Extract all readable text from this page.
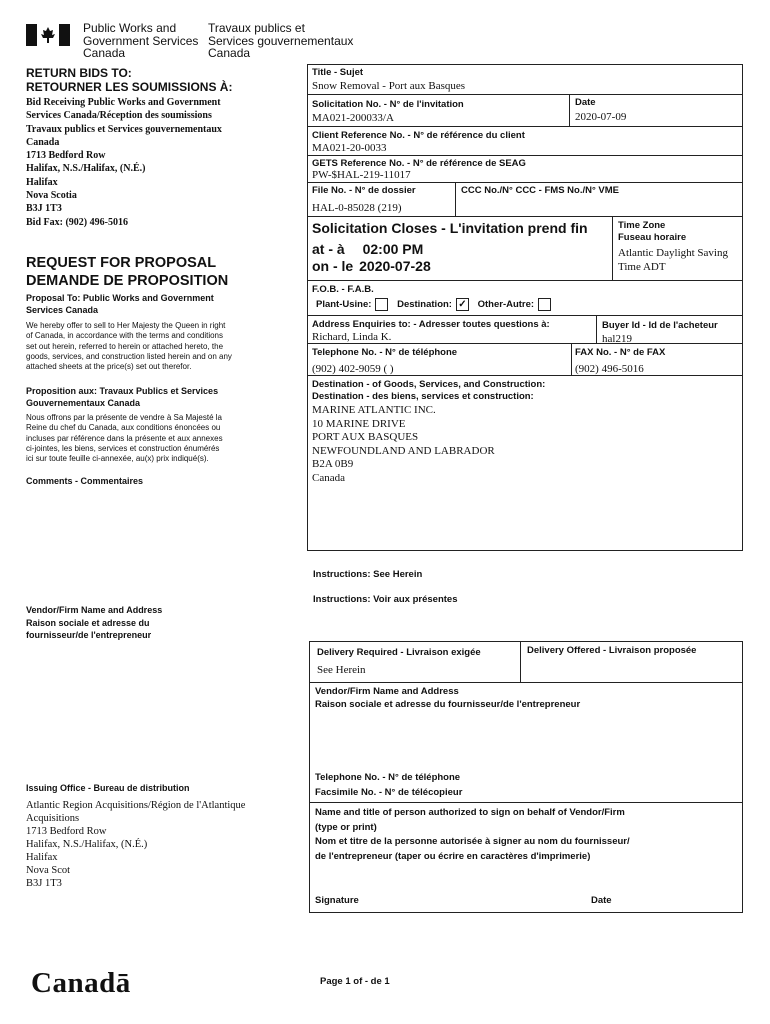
Public Works and
Government Services
Canada
Travaux publics et
Services gouvernementaux
Canada
RETURN BIDS TO:
RETOURNER LES SOUMISSIONS À:
Bid Receiving Public Works and Government
Services Canada/Réception des soumissions
Travaux publics et Services gouvernementaux
Canada
1713 Bedford Row
Halifax, N.S./Halifax, (N.É.)
Halifax
Nova Scotia
B3J 1T3
Bid Fax: (902) 496-5016
REQUEST FOR PROPOSAL
DEMANDE DE PROPOSITION
Proposal To: Public Works and Government
Services Canada
We hereby offer to sell to Her Majesty the Queen in right
of Canada, in accordance with the terms and conditions
set out herein, referred to herein or attached hereto, the
goods, services, and construction listed herein and on any
attached sheets at the price(s) set out therefor.
Proposition aux: Travaux Publics et Services
Gouvernementaux Canada
Nous offrons par la présente de vendre à Sa Majesté la
Reine du chef du Canada, aux conditions énoncées ou
incluses par référence dans la présente et aux annexes
ci-jointes, les biens, services et construction énumérés
ici sur toute feuille ci-annexée, au(x) prix indiqué(s).
Comments - Commentaires
Vendor/Firm Name and Address
Raison sociale et adresse du
fournisseur/de l'entrepreneur
Issuing Office - Bureau de distribution
Atlantic Region Acquisitions/Région de l'Atlantique
Acquisitions
1713 Bedford Row
Halifax, N.S./Halifax, (N.É.)
Halifax
Nova Scot
B3J 1T3
Title - Sujet
Snow Removal - Port aux Basques
Solicitation No. - N° de l'invitation
MA021-200033/A
Date
2020-07-09
Client Reference No. - N° de référence du client
MA021-20-0033
GETS Reference No. - N° de référence de SEAG
PW-$HAL-219-11017
File No. - N° de dossier
HAL-0-85028 (219)
CCC No./N° CCC - FMS No./N° VME
Solicitation Closes - L'invitation prend fin
at - à 02:00 PM
on - le 2020-07-28
Time Zone
Fuseau horaire
Atlantic Daylight Saving
Time ADT
F.O.B. - F.A.B.
Plant-Usine:	Destination: ✓ Other-Autre:
Address Enquiries to: - Adresser toutes questions à:
Richard, Linda K.
Buyer Id - Id de l'acheteur
hal219
Telephone No. - N° de téléphone
(902) 402-9059 ( )
FAX No. - N° de FAX
(902) 496-5016
Destination - of Goods, Services, and Construction:
Destination - des biens, services et construction:
MARINE ATLANTIC INC.
10 MARINE DRIVE
PORT AUX BASQUES
NEWFOUNDLAND AND LABRADOR
B2A 0B9
Canada
Instructions: See Herein
Instructions: Voir aux présentes
Delivery Required - Livraison exigée
See Herein
Delivery Offered - Livraison proposée
Vendor/Firm Name and Address
Raison sociale et adresse du fournisseur/de l'entrepreneur
Telephone No. - N° de téléphone
Facsimile No. - N° de télécopieur
Name and title of person authorized to sign on behalf of Vendor/Firm
(type or print)
Nom et titre de la personne autorisée à signer au nom du fournisseur/
de l'entrepreneur (taper ou écrire en caractères d'imprimerie)
Signature	Date
Canadā	Page 1 of - de 1
